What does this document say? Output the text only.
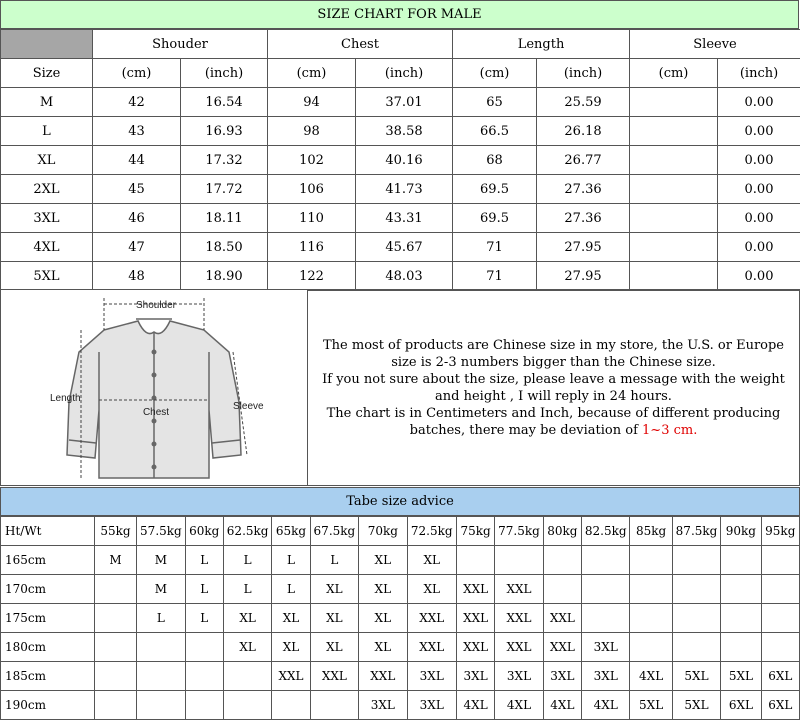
SIZE CHART FOR MALE
	Shouder		Chest		Length		Sleeve	
Size	(cm)	(inch)	(cm)	(inch)	(cm)	(inch)	(cm)	(inch)
M	42	16.54	94	37.01	65	25.59		0.00
L	43	16.93	98	38.58	66.5	26.18		0.00
XL	44	17.32	102	40.16	68	26.77		0.00
2XL	45	17.72	106	41.73	69.5	27.36		0.00
3XL	46	18.11	110	43.31	69.5	27.36		0.00
4XL	47	18.50	116	45.67	71	27.95		0.00
5XL	48	18.90	122	48.03	71	27.95		0.00
Shoulder
Length
Chest
Sleeve
The most of products are Chinese size in my store, the U.S. or Europe size is 2-3 numbers bigger than the Chinese size.
If you not sure about the size, please leave a message with the weight and height , I will reply in 24 hours.
The chart is in Centimeters and Inch, because of different producing batches, there may be deviation of 1~3 cm.
Tabe size advice
Ht/Wt	55kg	57.5kg	60kg	62.5kg	65kg	67.5kg	70kg	72.5kg	75kg	77.5kg	80kg	82.5kg	85kg	87.5kg	90kg	95kg
165cm	M	M	L	L	L	L	XL	XL								
170cm		M	L	L	L	XL	XL	XL	XXL	XXL						
175cm		L	L	XL	XL	XL	XL	XXL	XXL	XXL	XXL					
180cm				XL	XL	XL	XL	XXL	XXL	XXL	XXL	3XL				
185cm					XXL	XXL	XXL	3XL	3XL	3XL	3XL	3XL	4XL	5XL	5XL	6XL
190cm							3XL	3XL	4XL	4XL	4XL	4XL	5XL	5XL	6XL	6XL
